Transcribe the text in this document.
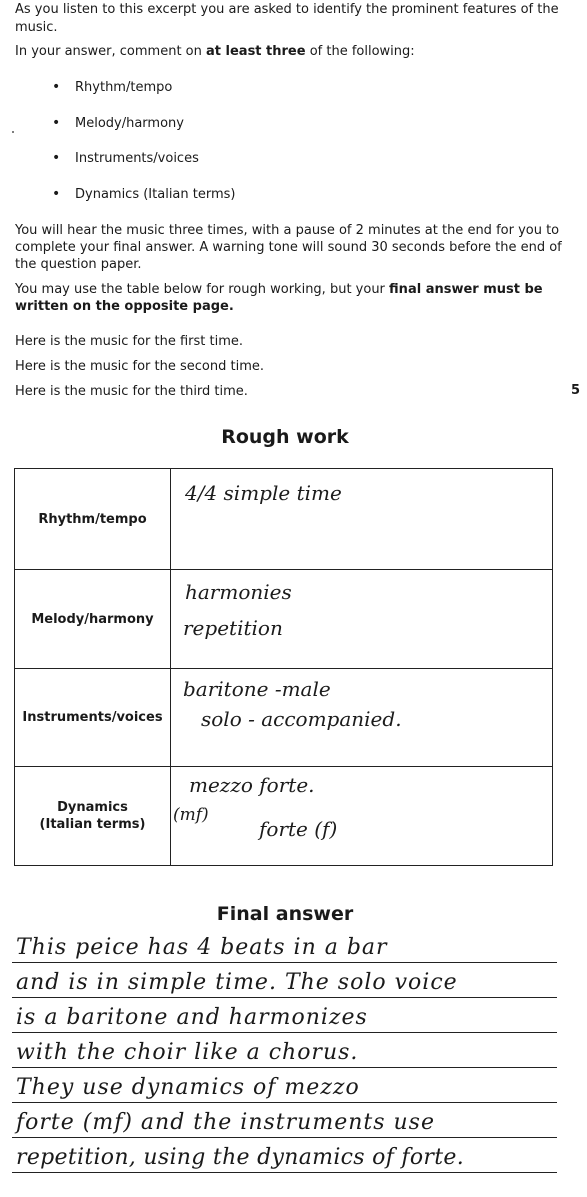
As you listen to this excerpt you are asked to identify the prominent features of the

music.

In your answer, comment on at least three of the following:

• Rhythm/tempo
• Melody/harmony
• Instruments/voices
• Dynamics (Italian terms)

You will hear the music three times, with a pause of 2 minutes at the end for you to

complete your final answer. A warning tone will sound 30 seconds before the end of

the question paper.

You may use the table below for rough working, but your final answer must be

written on the opposite page.

Here is the music for the first time.

Here is the music for the second time.

Here is the music for the third time.	5
Rough work
Rhythm/tempo	4/4 simple time

Melody/harmony	harmonies
repetition

Instruments/voices	baritone -male
solo - accompanied.

Dynamics
(Italian terms)	mezzo forte.
(mf)
forte (f)
Final answer
This peice has 4 beats in a bar
and is in simple time. The solo voice
is a baritone and harmonizes
with the choir like a chorus.
They use dynamics of mezzo
forte (mf) and the instruments use
repetition, using the dynamics of forte.
